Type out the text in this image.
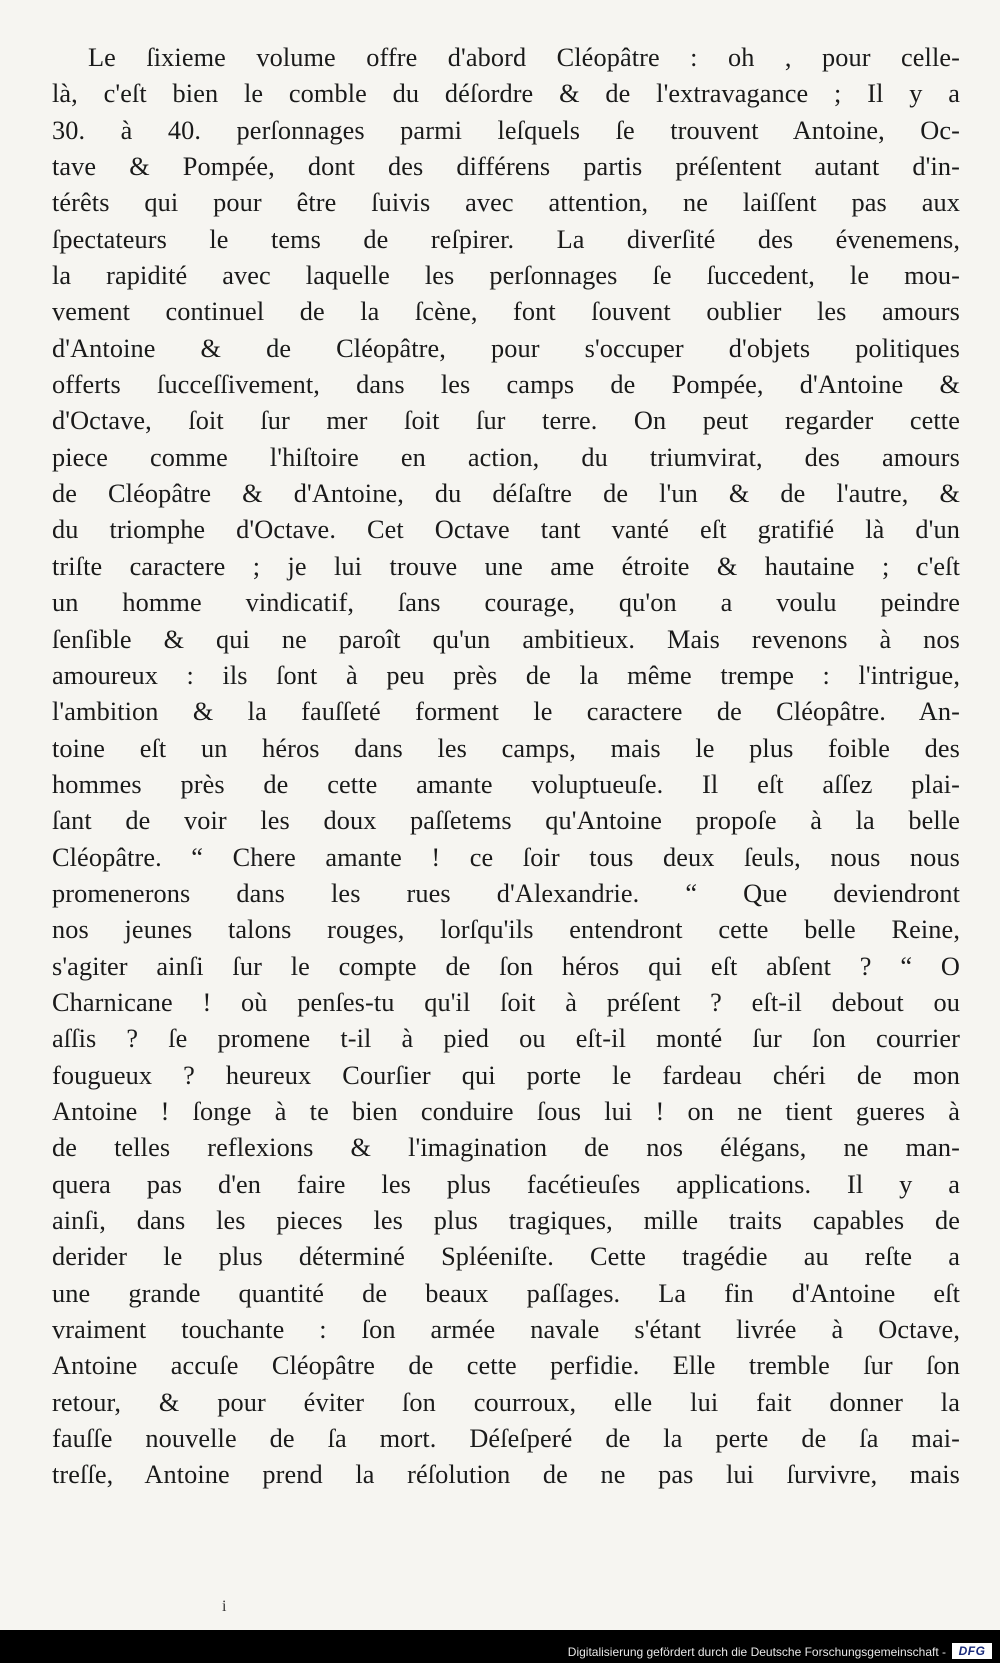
Le ſixieme volume offre d'abord Cléopâtre : oh , pour celle-
là, c'eſt bien le comble du déſordre & de l'extravagance ; Il y a
30. à 40. perſonnages parmi leſquels ſe trouvent Antoine, Oc-
tave & Pompée, dont des différens partis préſentent autant d'in-
térêts qui pour être ſuivis avec attention, ne laiſſent pas aux
ſpectateurs le tems de reſpirer. La diverſité des évenemens,
la rapidité avec laquelle les perſonnages ſe ſuccedent, le mou-
vement continuel de la ſcène, font ſouvent oublier les amours
d'Antoine & de Cléopâtre, pour s'occuper d'objets politiques
offerts ſucceſſivement, dans les camps de Pompée, d'Antoine &
d'Octave, ſoit ſur mer ſoit ſur terre. On peut regarder cette
piece comme l'hiſtoire en action, du triumvirat, des amours
de Cléopâtre & d'Antoine, du déſaſtre de l'un & de l'autre, &
du triomphe d'Octave. Cet Octave tant vanté eſt gratifié là d'un
triſte caractere ; je lui trouve une ame étroite & hautaine ; c'eſt
un homme vindicatif, ſans courage, qu'on a voulu peindre
ſenſible & qui ne paroît qu'un ambitieux. Mais revenons à nos
amoureux : ils ſont à peu près de la même trempe : l'intrigue,
l'ambition & la fauſſeté forment le caractere de Cléopâtre. An-
toine eſt un héros dans les camps, mais le plus foible des
hommes près de cette amante voluptueuſe. Il eſt aſſez plai-
ſant de voir les doux paſſetems qu'Antoine propoſe à la belle
Cléopâtre. “ Chere amante ! ce ſoir tous deux ſeuls, nous nous
promenerons dans les rues d'Alexandrie. “ Que deviendront
nos jeunes talons rouges, lorſqu'ils entendront cette belle Reine,
s'agiter ainſi ſur le compte de ſon héros qui eſt abſent ? “ O
Charnicane ! où penſes-tu qu'il ſoit à préſent ? eſt-il debout ou
aſſis ? ſe promene t-il à pied ou eſt-il monté ſur ſon courrier
fougueux ? heureux Courſier qui porte le fardeau chéri de mon
Antoine ! ſonge à te bien conduire ſous lui ! on ne tient gueres à
de telles reflexions & l'imagination de nos élégans, ne man-
quera pas d'en faire les plus facétieuſes applications. Il y a
ainſi, dans les pieces les plus tragiques, mille traits capables de
derider le plus déterminé Spléeniſte. Cette tragédie au reſte a
une grande quantité de beaux paſſages. La fin d'Antoine eſt
vraiment touchante : ſon armée navale s'étant livrée à Octave,
Antoine accuſe Cléopâtre de cette perfidie. Elle tremble ſur ſon
retour, & pour éviter ſon courroux, elle lui fait donner la
fauſſe nouvelle de ſa mort. Déſeſperé de la perte de ſa mai-
treſſe, Antoine prend la réſolution de ne pas lui ſurvivre, mais
i
Digitalisierung gefördert durch die Deutsche Forschungsgemeinschaft -	DFG
